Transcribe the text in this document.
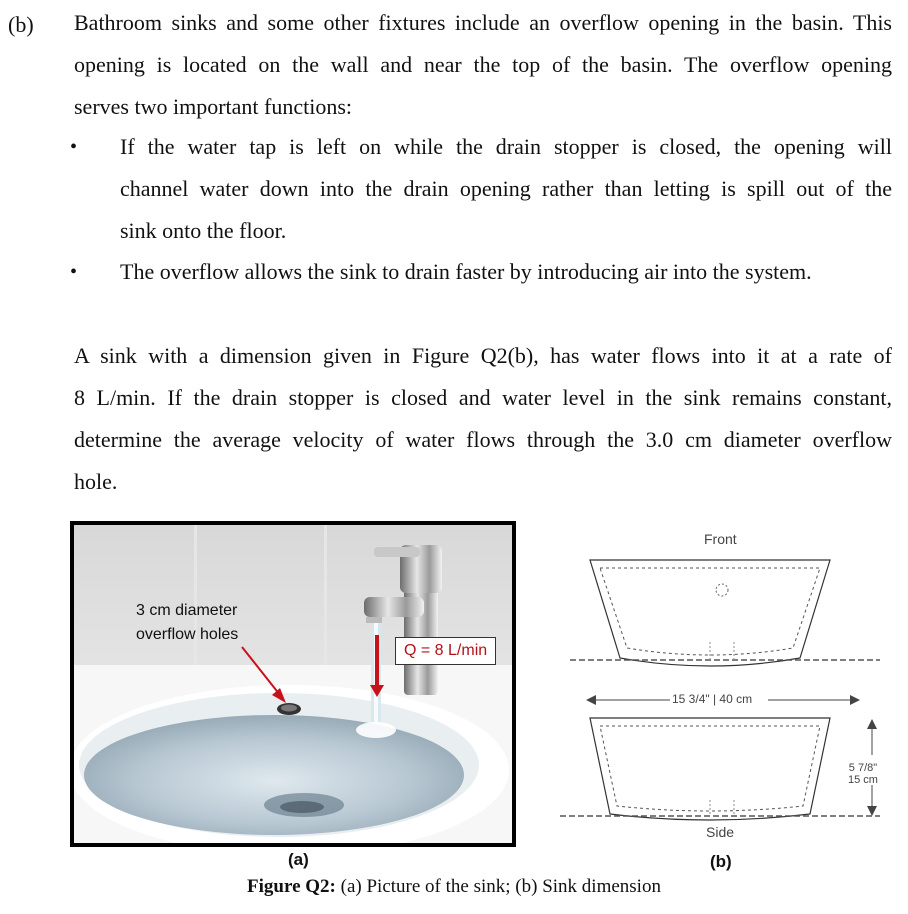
(b) Bathroom sinks and some other fixtures include an overflow opening in the basin. This
opening is located on the wall and near the top of the basin. The overflow opening
serves two important functions:
• If the water tap is left on while the drain stopper is closed, the opening will
channel water down into the drain opening rather than letting is spill out of the
sink onto the floor.
• The overflow allows the sink to drain faster by introducing air into the system.
A sink with a dimension given in Figure Q2(b), has water flows into it at a rate of
8 L/min. If the drain stopper is closed and water level in the sink remains constant,
determine the average velocity of water flows through the 3.0 cm diameter overflow
hole.
3 cm diameter
overflow holes
Q = 8 L/min
Front
15 3/4" | 40 cm
5 7/8"
15 cm
Side
(a)	(b)
Figure Q2: (a) Picture of the sink; (b) Sink dimension
